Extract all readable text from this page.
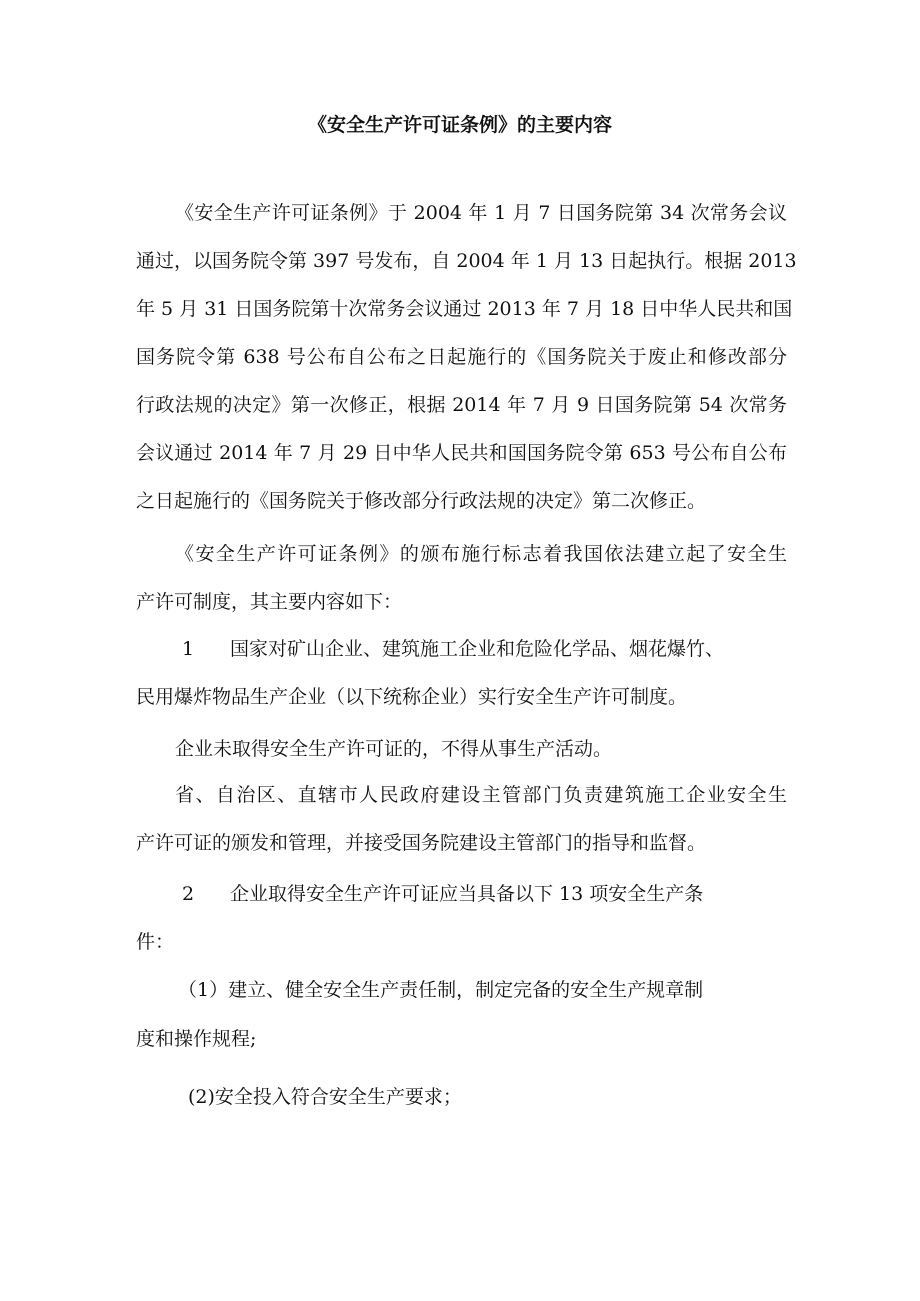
《安全生产许可证条例》的主要内容
《安全生产许可证条例》于 2004 年 1 月 7 日国务院第 34 次常务会议
通过，以国务院令第 397 号发布，自 2004 年 1 月 13 日起执行。根据 2013
年 5 月 31 日国务院第十次常务会议通过 2013 年 7 月 18 日中华人民共和国
国务院令第 638 号公布自公布之日起施行的《国务院关于废止和修改部分
行政法规的决定》第一次修正，根据 2014 年 7 月 9 日国务院第 54 次常务
会议通过 2014 年 7 月 29 日中华人民共和国国务院令第 653 号公布自公布
之日起施行的《国务院关于修改部分行政法规的决定》第二次修正。
《安全生产许可证条例》的颁布施行标志着我国依法建立起了安全生
产许可制度，其主要内容如下：
1 国家对矿山企业、建筑施工企业和危险化学品、烟花爆竹、
民用爆炸物品生产企业（以下统称企业）实行安全生产许可制度。
企业未取得安全生产许可证的，不得从事生产活动。
省、自治区、直辖市人民政府建设主管部门负责建筑施工企业安全生
产许可证的颁发和管理，并接受国务院建设主管部门的指导和监督。
2 企业取得安全生产许可证应当具备以下 13 项安全生产条
件：
（1）建立、健全安全生产责任制，制定完备的安全生产规章制
度和操作规程;
(2)安全投入符合安全生产要求；
